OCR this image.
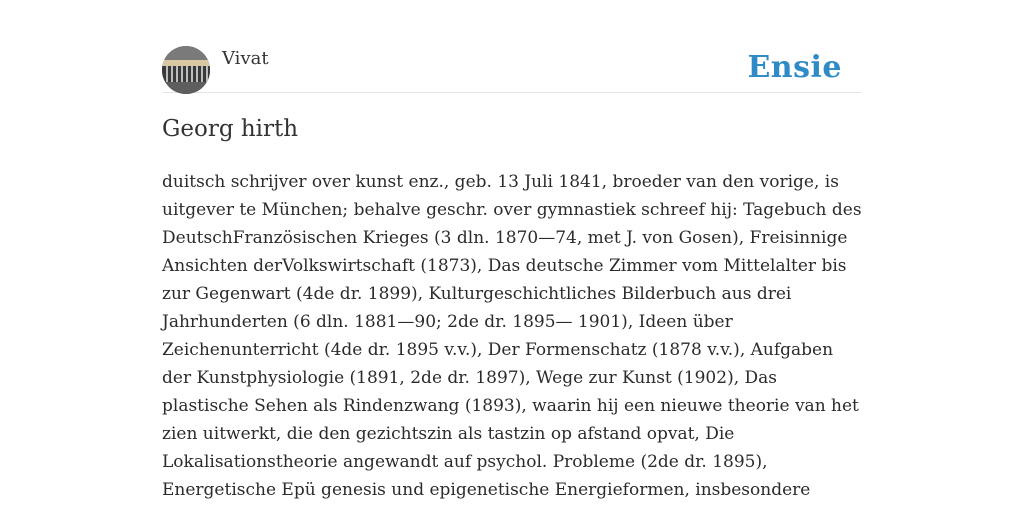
Vivat	Ensie
Georg hirth

duitsch schrijver over kunst enz., geb. 13 Juli 1841, broeder van den vorige, is uitgever te München; behalve geschr. over gymnastiek schreef hij: Tagebuch des DeutschFranzösischen Krieges (3 dln. 1870—74, met J. von Gosen), Freisinnige Ansichten derVolkswirtschaft (1873), Das deutsche Zimmer vom Mittelalter bis zur Gegenwart (4de dr. 1899), Kulturgeschichtliches Bilderbuch aus drei Jahrhunderten (6 dln. 1881—90; 2de dr. 1895— 1901), Ideen über Zeichenunterricht (4de dr. 1895 v.v.), Der Formenschatz (1878 v.v.), Aufgaben der Kunstphysiologie (1891, 2de dr. 1897), Wege zur Kunst (1902), Das plastische Sehen als Rindenzwang (1893), waarin hij een nieuwe theorie van het zien uitwerkt, die den gezichtszin als tastzin op afstand opvat, Die Lokalisationstheorie angewandt auf psychol. Probleme (2de dr. 1895), Energetische Epü genesis und epigenetische Energieformen, insbesondere
